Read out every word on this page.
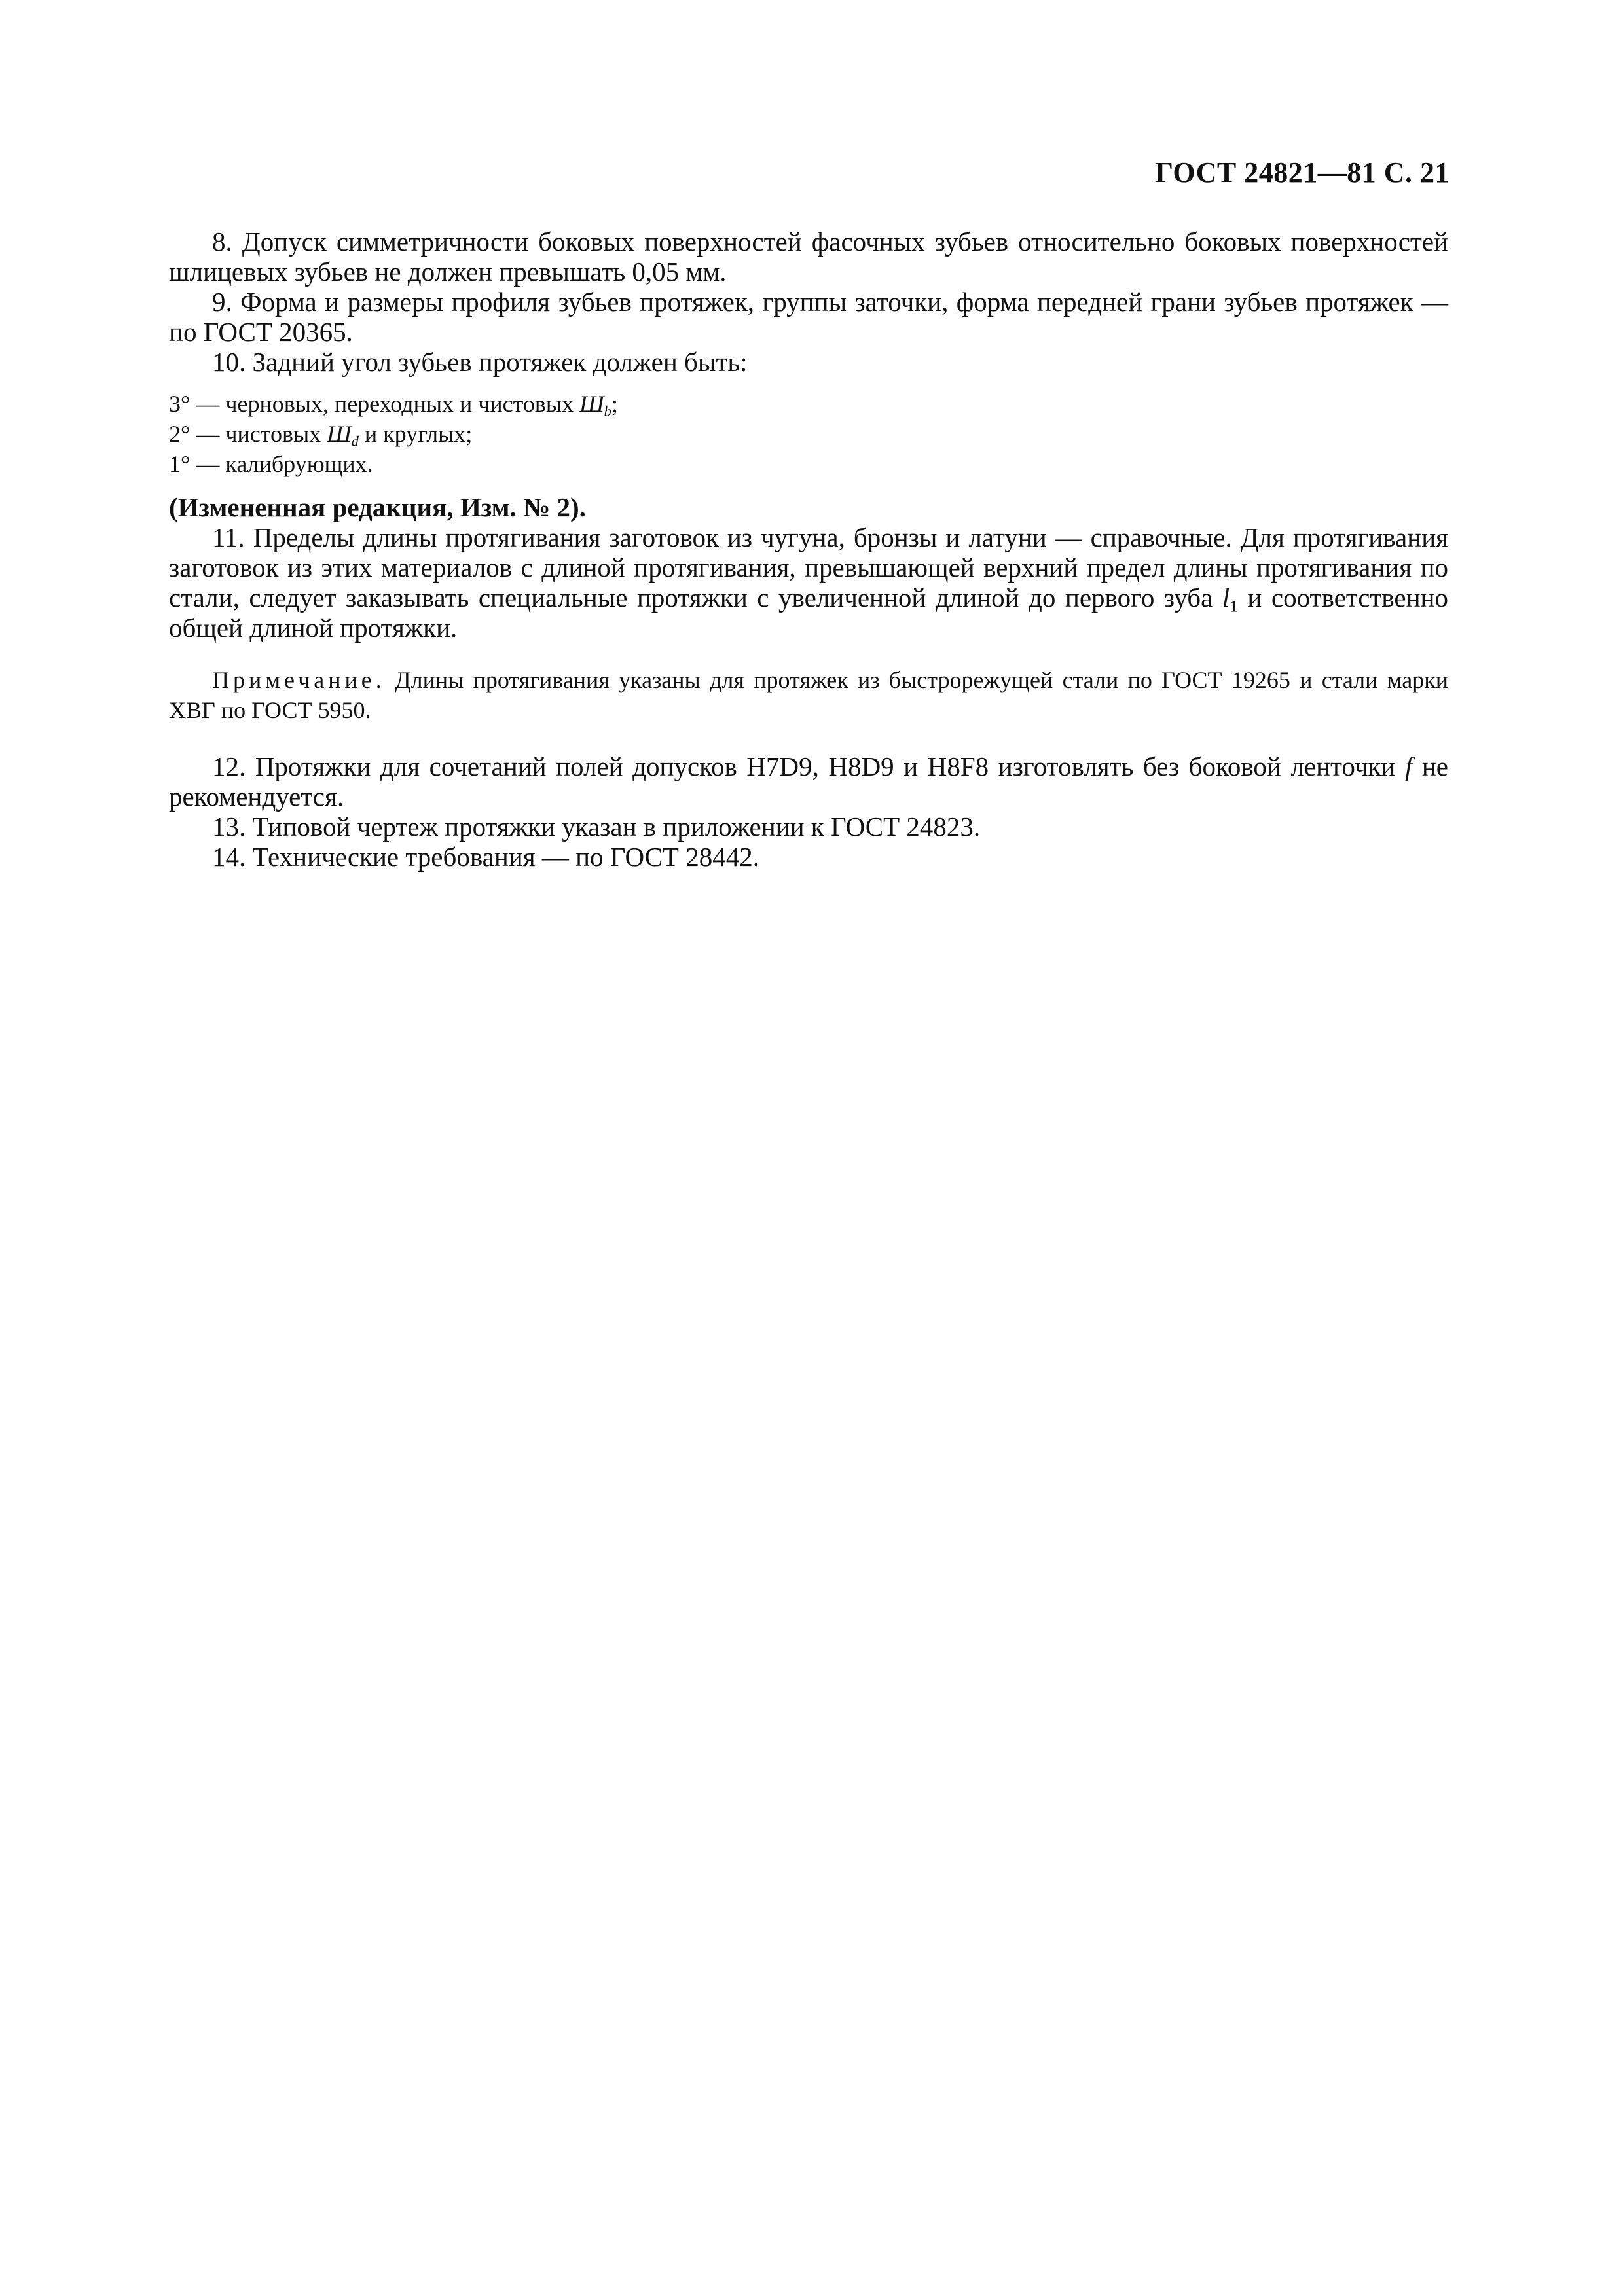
ГОСТ 24821—81 С. 21

8. Допуск симметричности боковых поверхностей фасочных зубьев относительно боковых поверхностей шлицевых зубьев не должен превышать 0,05 мм.

9. Форма и размеры профиля зубьев протяжек, группы заточки, форма передней грани зубьев протяжек — по ГОСТ 20365.

10. Задний угол зубьев протяжек должен быть:

3° — черновых, переходных и чистовых $Ш_b$;
2° — чистовых $Ш_d$ и круглых;
1° — калибрующих.

(Измененная редакция, Изм. № 2).

11. Пределы длины протягивания заготовок из чугуна, бронзы и латуни — справочные. Для протягивания заготовок из этих материалов с длиной протягивания, превышающей верхний предел длины протягивания по стали, следует заказывать специальные протяжки с увеличенной длиной до первого зуба $l_1$ и соответственно общей длиной протяжки.

Примечание. Длины протягивания указаны для протяжек из быстрорежущей стали по ГОСТ 19265 и стали марки ХВГ по ГОСТ 5950.

12. Протяжки для сочетаний полей допусков H7D9, H8D9 и H8F8 изготовлять без боковой ленточки f не рекомендуется.

13. Типовой чертеж протяжки указан в приложении к ГОСТ 24823.

14. Технические требования — по ГОСТ 28442.
